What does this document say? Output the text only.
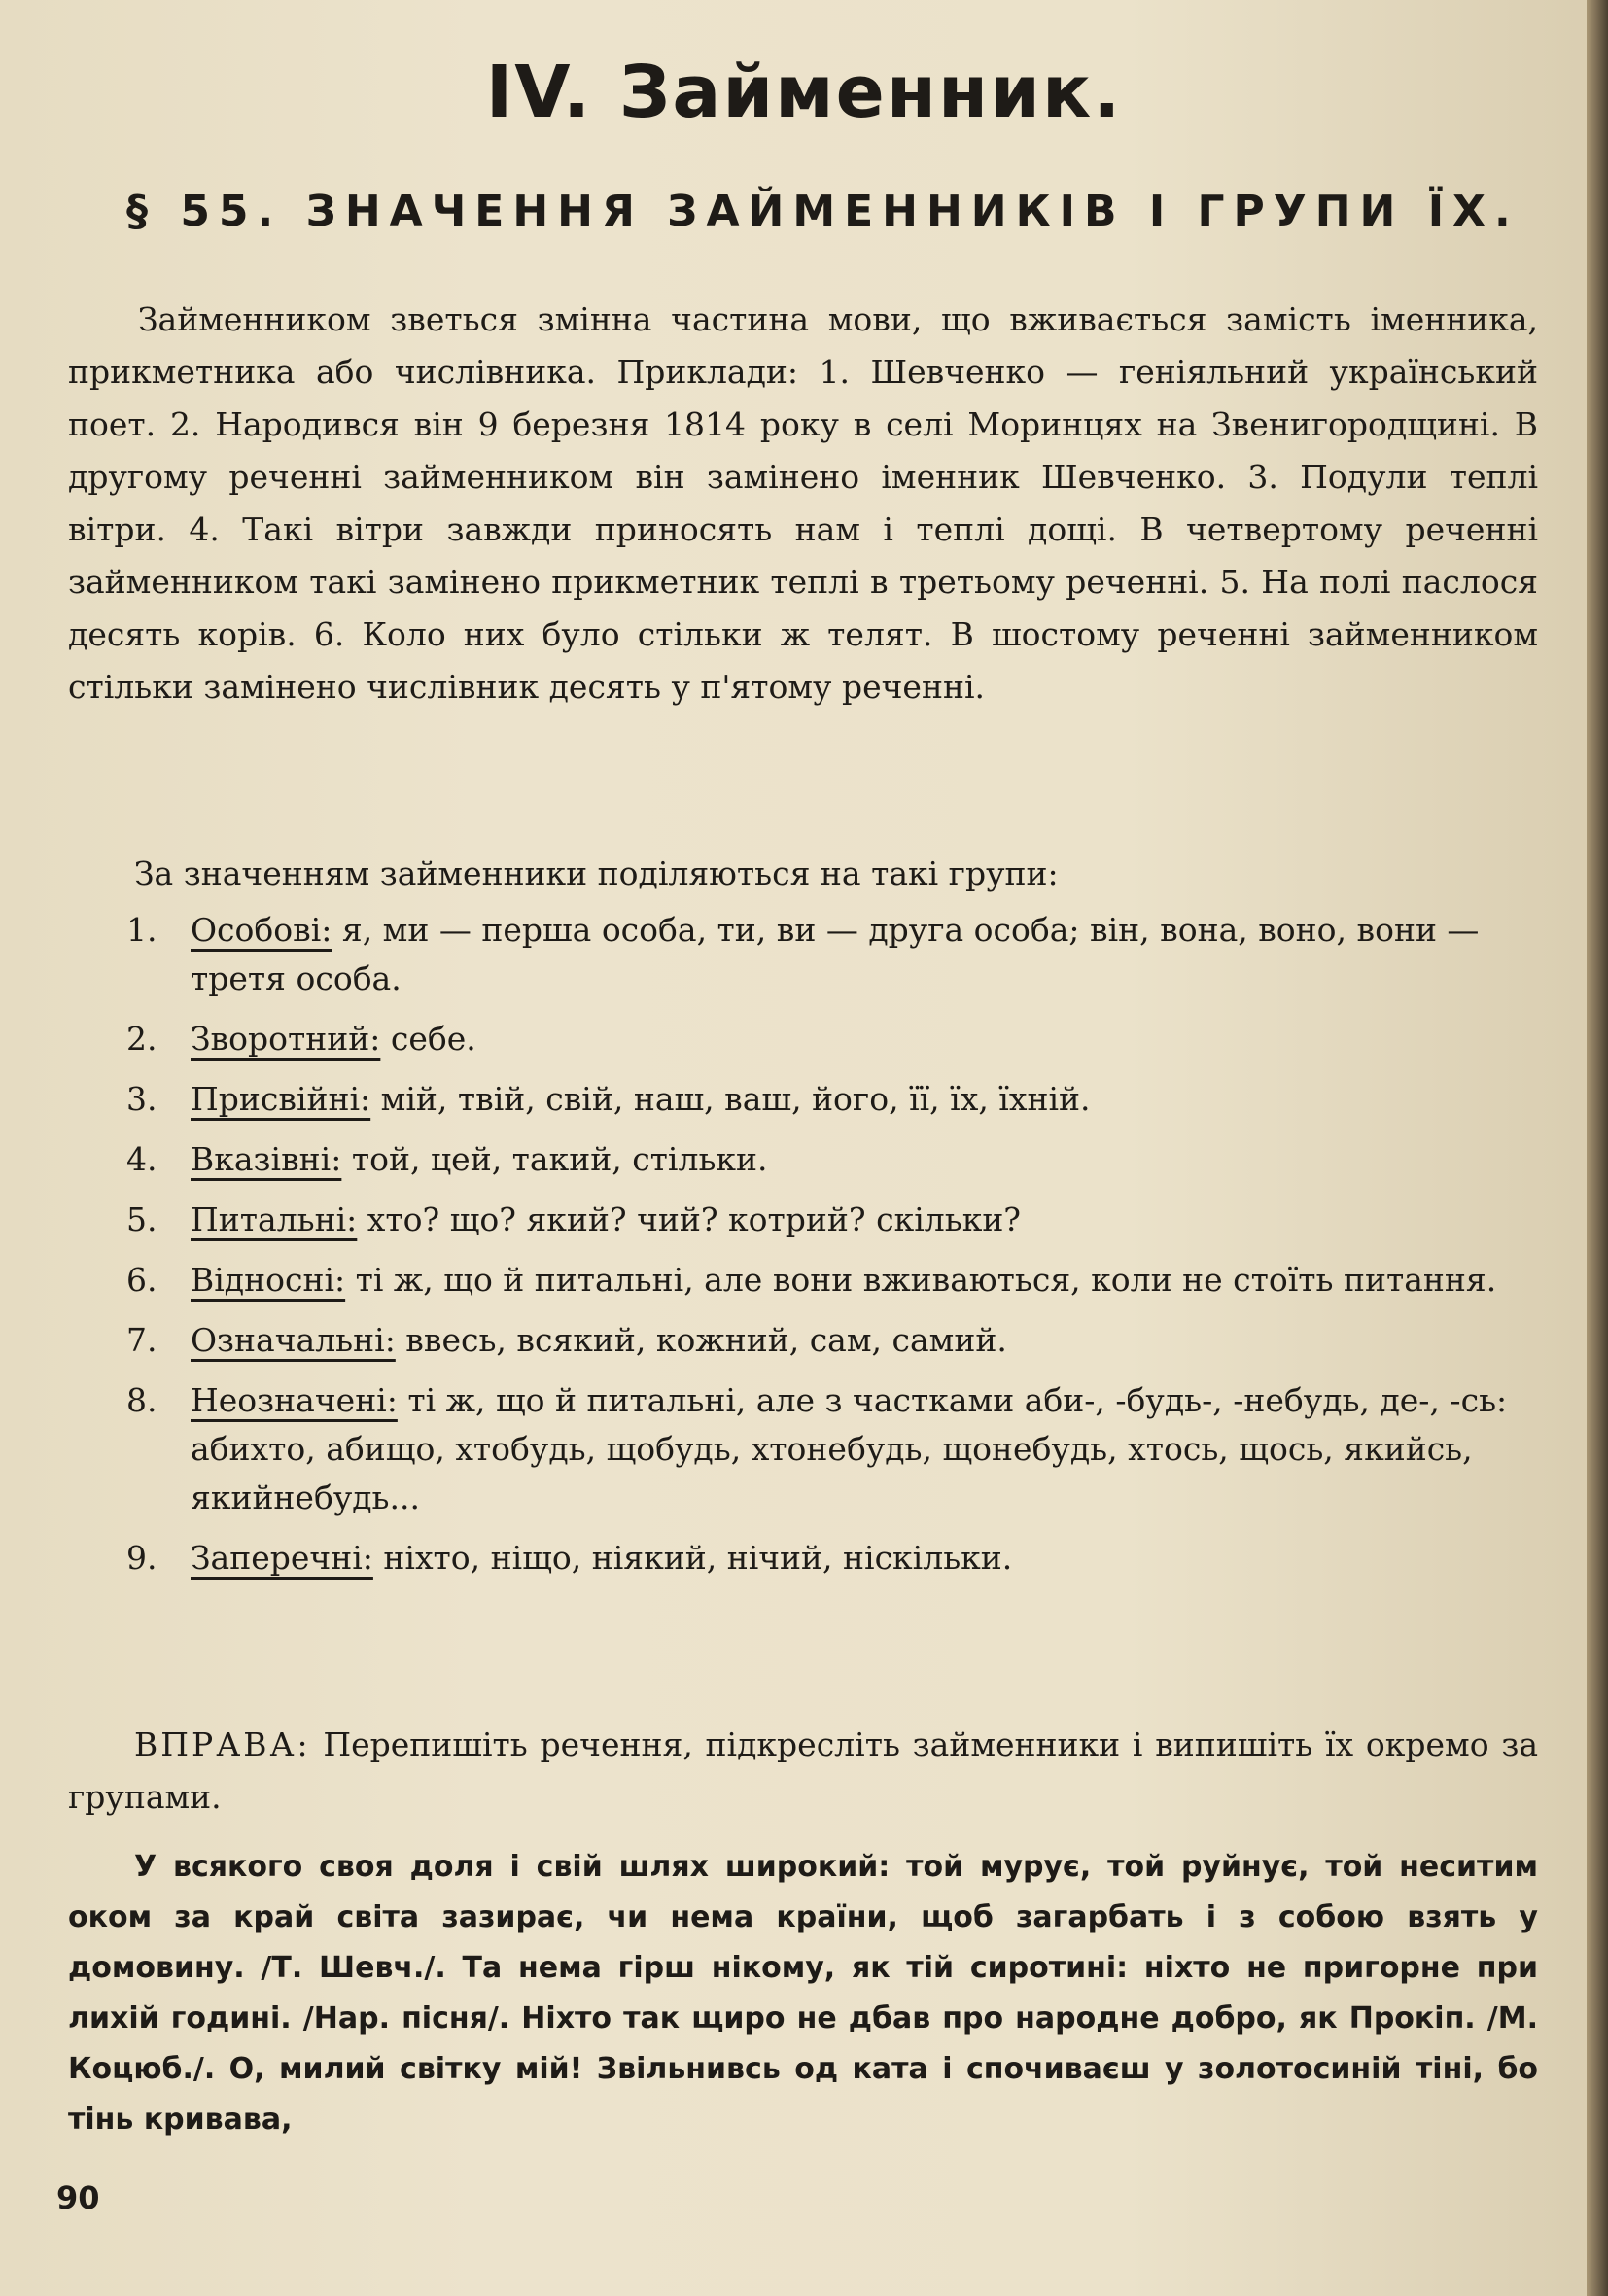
IV. Займенник.
§ 55. ЗНАЧЕННЯ ЗАЙМЕННИКІВ І ГРУПИ ЇХ.

Займенником зветься змінна частина мови, що вживається замість іменника, прикметника або числівника. Приклади: 1. Шевченко — геніяльний український поет. 2. Народився він 9 березня 1814 року в селі Моринцях на Звенигородщині. В другому реченні займенником він замінено іменник Шевченко. 3. Подули теплі вітри. 4. Такі вітри завжди приносять нам і теплі дощі. В четвертому реченні займенником такі замінено прикметник теплі в третьому реченні. 5. На полі паслося десять корів. 6. Коло них було стільки ж телят. В шостому реченні займенником стільки замінено числівник десять у п'ятому реченні.

За значенням займенники поділяються на такі групи:

1.	Особові: я, ми — перша особа, ти, ви — друга особа; він, вона, воно, вони — третя особа.
2.	Зворотний: себе.
3.	Присвійні: мій, твій, свій, наш, ваш, його, її, їх, їхній.
4.	Вказівні: той, цей, такий, стільки.
5.	Питальні: хто? що? який? чий? котрий? скільки?
6.	Відносні: ті ж, що й питальні, але вони вживаються, коли не стоїть питання.
7.	Означальні: ввесь, всякий, кожний, сам, самий.
8.	Неозначені: ті ж, що й питальні, але з частками аби-, -будь-, -небудь, де-, -сь: абихто, абищо, хтобудь, щобудь, хтонебудь, щонебудь, хтось, щось, якийсь, якийнебудь...
9.	Заперечні: ніхто, ніщо, ніякий, нічий, ніскільки.

ВПРАВА: Перепишіть речення, підкресліть займенники і випишіть їх окремо за групами.

У всякого своя доля і свій шлях широкий: той мурує, той руйнує, той неситим оком за край світа зазирає, чи нема країни, щоб загарбать і з собою взять у домовину. /Т. Шевч./. Та нема гірш нікому, як тій сиротині: ніхто не пригорне при лихій годині. /Нар. пісня/. Ніхто так щиро не дбав про народне добро, як Прокіп. /М. Коцюб./. О, милий світку мій! Звільнивсь од ката і спочиваєш у золотосиній тіні, бо тінь кривава,

90
